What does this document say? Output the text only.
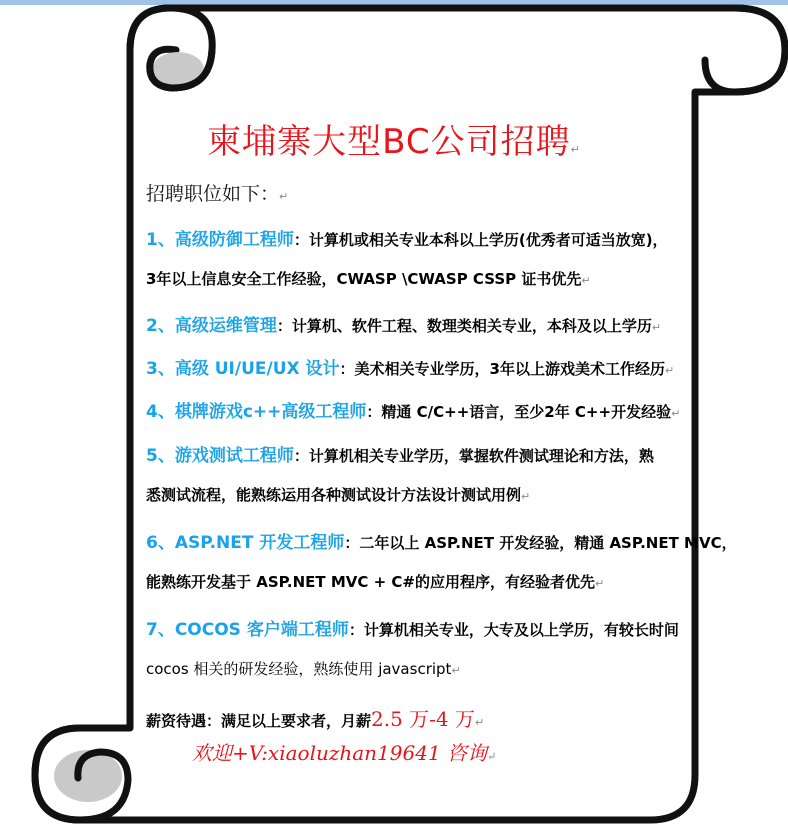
柬埔寨大型BC公司招聘↵
招聘职位如下：↵
1、高级防御工程师：计算机或相关专业本科以上学历(优秀者可适当放宽)，
3年以上信息安全工作经验，CWASP \CWASP CSSP 证书优先↵
2、高级运维管理：计算机、软件工程、数理类相关专业，本科及以上学历↵
3、高级 UI/UE/UX 设计：美术相关专业学历，3年以上游戏美术工作经历↵
4、棋牌游戏c++高级工程师：精通 C/C++语言，至少2年 C++开发经验↵
5、游戏测试工程师：计算机相关专业学历，掌握软件测试理论和方法，熟
悉测试流程，能熟练运用各种测试设计方法设计测试用例↵
6、ASP.NET 开发工程师：二年以上 ASP.NET 开发经验，精通 ASP.NET MVC，
能熟练开发基于 ASP.NET MVC + C#的应用程序，有经验者优先↵
7、COCOS 客户端工程师：计算机相关专业，大专及以上学历，有较长时间
cocos 相关的研发经验，熟练使用 javascript↵
薪资待遇：满足以上要求者，月薪2.5 万-4 万↵
欢迎+V:xiaoluzhan19641 咨询↵
